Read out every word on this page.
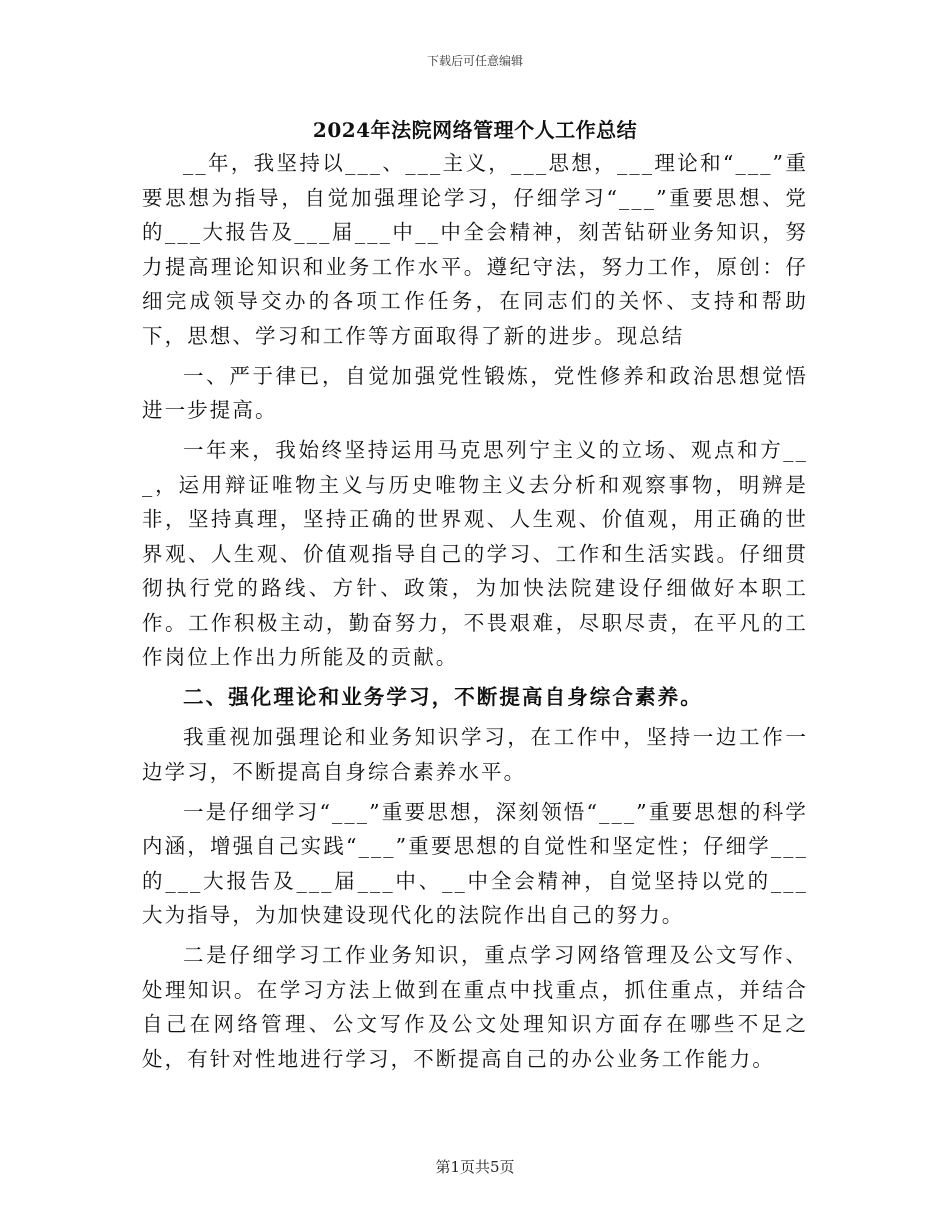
下载后可任意编辑
2024年法院网络管理个人工作总结

__年，我坚持以___、___主义，___思想，___理论和“___”重要思想为指导，自觉加强理论学习，仔细学习“___”重要思想、党的___大报告及___届___中__中全会精神，刻苦钻研业务知识，努力提高理论知识和业务工作水平。遵纪守法，努力工作，原创：仔细完成领导交办的各项工作任务，在同志们的关怀、支持和帮助下，思想、学习和工作等方面取得了新的进步。现总结

一、严于律已，自觉加强党性锻炼，党性修养和政治思想觉悟进一步提高。

一年来，我始终坚持运用马克思列宁主义的立场、观点和方___，运用辩证唯物主义与历史唯物主义去分析和观察事物，明辨是非，坚持真理，坚持正确的世界观、人生观、价值观，用正确的世界观、人生观、价值观指导自己的学习、工作和生活实践。仔细贯彻执行党的路线、方针、政策，为加快法院建设仔细做好本职工作。工作积极主动，勤奋努力，不畏艰难，尽职尽责，在平凡的工作岗位上作出力所能及的贡献。

二、强化理论和业务学习，不断提高自身综合素养。

我重视加强理论和业务知识学习，在工作中，坚持一边工作一边学习，不断提高自身综合素养水平。

一是仔细学习“___”重要思想，深刻领悟“___”重要思想的科学内涵，增强自己实践“___”重要思想的自觉性和坚定性；仔细学___的___大报告及___届___中、__中全会精神，自觉坚持以党的___大为指导，为加快建设现代化的法院作出自己的努力。

二是仔细学习工作业务知识，重点学习网络管理及公文写作、处理知识。在学习方法上做到在重点中找重点，抓住重点，并结合自己在网络管理、公文写作及公文处理知识方面存在哪些不足之处，有针对性地进行学习，不断提高自己的办公业务工作能力。

第1页共5页
